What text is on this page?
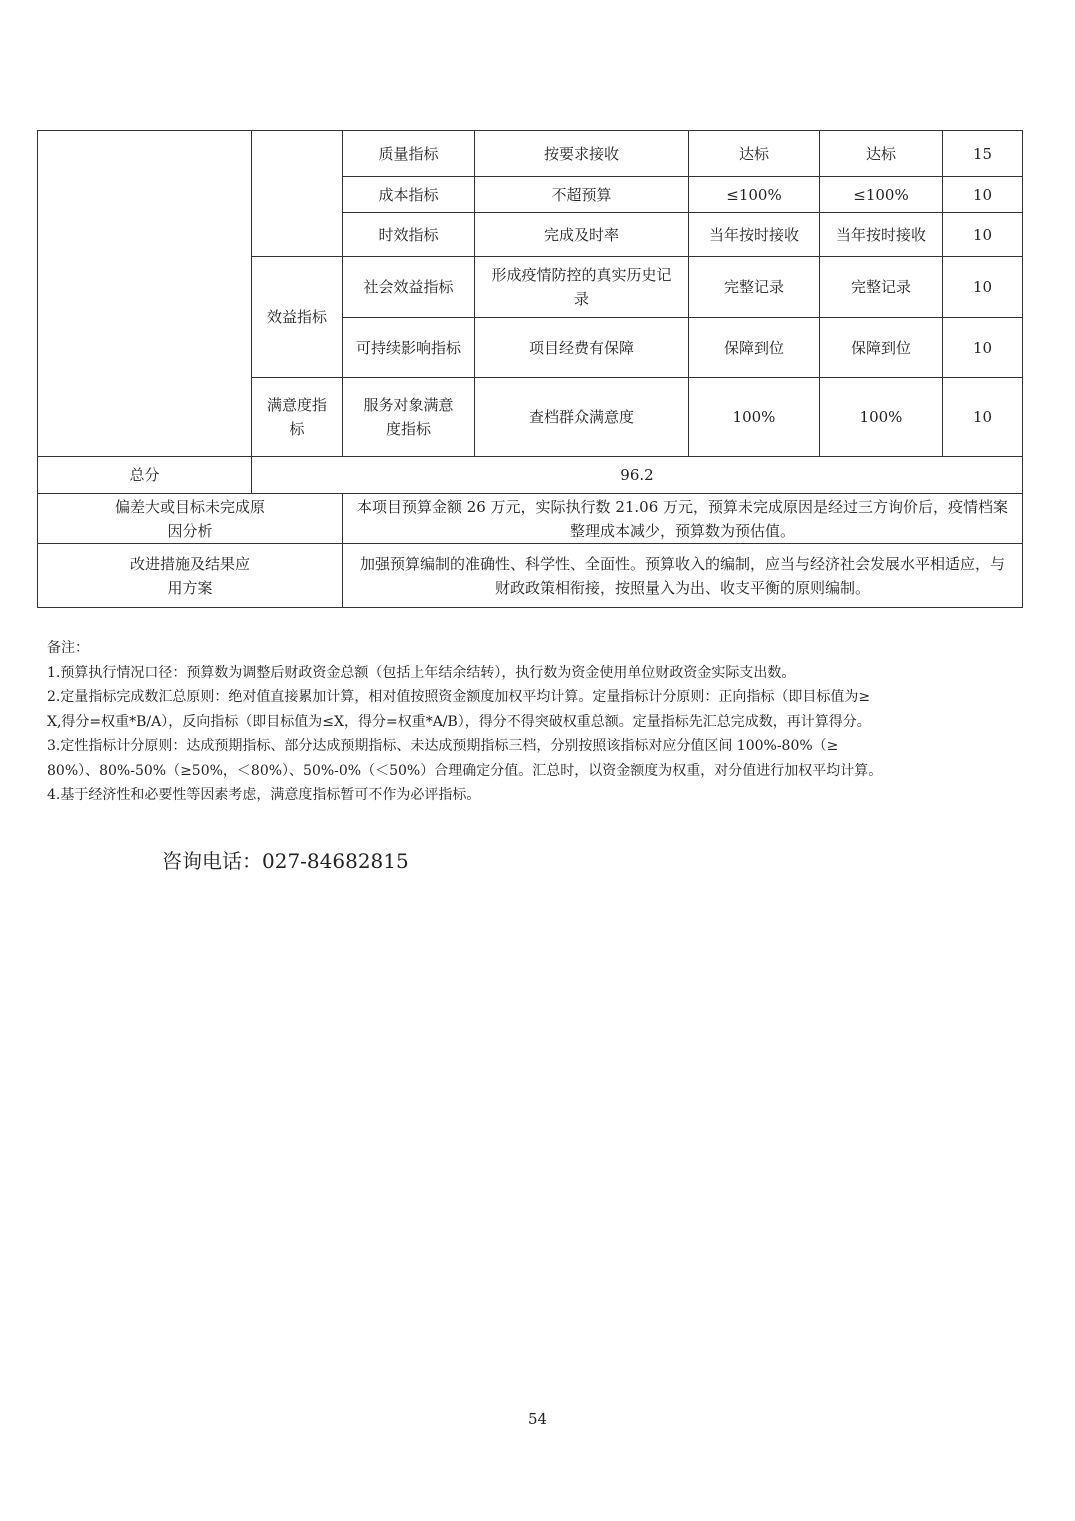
		质量指标	按要求接收	达标	达标	15
		成本指标	不超预算	≤100%	≤100%	10
		时效指标	完成及时率	当年按时接收	当年按时接收	10
	效益指标	社会效益指标	形成疫情防控的真实历史记录	完整记录	完整记录	10
		可持续影响指标	项目经费有保障	保障到位	保障到位	10
	满意度指标	服务对象满意度指标	查档群众满意度	100%	100%	10
总分	96.2					
偏差大或目标未完成原因分析		本项目预算金额 26 万元，实际执行数 21.06 万元，预算未完成原因是经过三方询价后，疫情档案整理成本减少，预算数为预估值。				
改进措施及结果应用方案		加强预算编制的准确性、科学性、全面性。预算收入的编制，应当与经济社会发展水平相适应，与财政政策相衔接，按照量入为出、收支平衡的原则编制。				
备注：
1.预算执行情况口径：预算数为调整后财政资金总额（包括上年结余结转），执行数为资金使用单位财政资金实际支出数。
2.定量指标完成数汇总原则：绝对值直接累加计算，相对值按照资金额度加权平均计算。定量指标计分原则：正向指标（即目标值为≥
X,得分=权重*B/A），反向指标（即目标值为≤X，得分=权重*A/B），得分不得突破权重总额。定量指标先汇总完成数，再计算得分。
3.定性指标计分原则：达成预期指标、部分达成预期指标、未达成预期指标三档，分别按照该指标对应分值区间 100%-80%（≥
80%）、80%-50%（≥50%，＜80%）、50%-0%（＜50%）合理确定分值。汇总时，以资金额度为权重，对分值进行加权平均计算。
4.基于经济性和必要性等因素考虑，满意度指标暂可不作为必评指标。
咨询电话：027-84682815
54
